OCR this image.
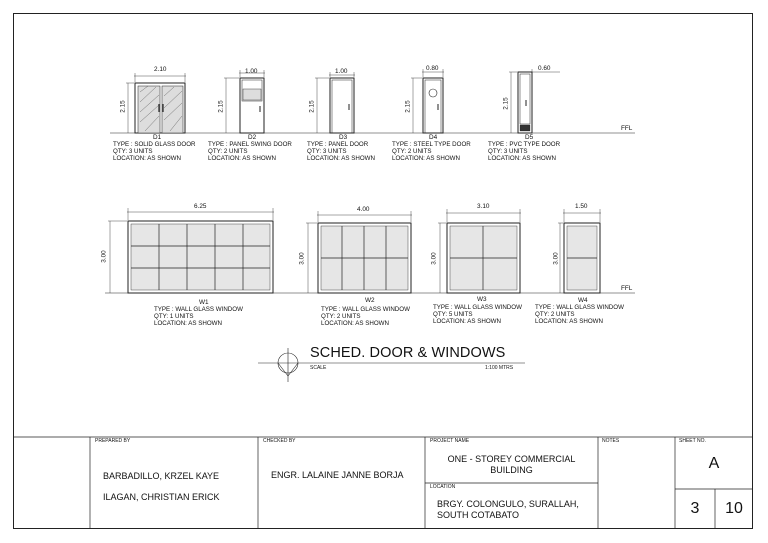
2.10
2.15
D1
TYPE : SOLID GLASS DOOR
QTY: 3 UNITS
LOCATION: AS SHOWN
1.00
2.15
D2
TYPE : PANEL SWING DOOR
QTY: 2 UNITS
LOCATION: AS SHOWN
1.00
2.15
D3
TYPE : PANEL DOOR
QTY: 3 UNITS
LOCATION: AS SHOWN
0.80
2.15
D4
TYPE : STEEL TYPE DOOR
QTY: 2 UNITS
LOCATION: AS SHOWN
0.60
2.15
D5
TYPE : PVC TYPE DOOR
QTY: 3 UNITS
LOCATION: AS SHOWN
FFL
6.25
3.00
W1
TYPE : WALL GLASS WINDOW
QTY: 1 UNITS
LOCATION: AS SHOWN
4.00
3.00
W2
TYPE : WALL GLASS WINDOW
QTY: 2 UNITS
LOCATION: AS SHOWN
3.10
3.00
W3
TYPE : WALL GLASS WINDOW
QTY: 5 UNITS
LOCATION: AS SHOWN
1.50
3.00
W4
TYPE : WALL GLASS WINDOW
QTY: 2 UNITS
LOCATION: AS SHOWN
FFL
SCHED. DOOR & WINDOWS
SCALE	1:100 MTRS
PREPARED BY
BARBADILLO, KRZEL KAYE
ILAGAN, CHRISTIAN ERICK
CHECKED BY
ENGR. LALAINE JANNE BORJA
PROJECT NAME
ONE - STOREY COMMERCIAL
BUILDING
LOCATION
BRGY. COLONGULO, SURALLAH,
SOUTH COTABATO
NOTES	SHEET NO.
A
3	10
